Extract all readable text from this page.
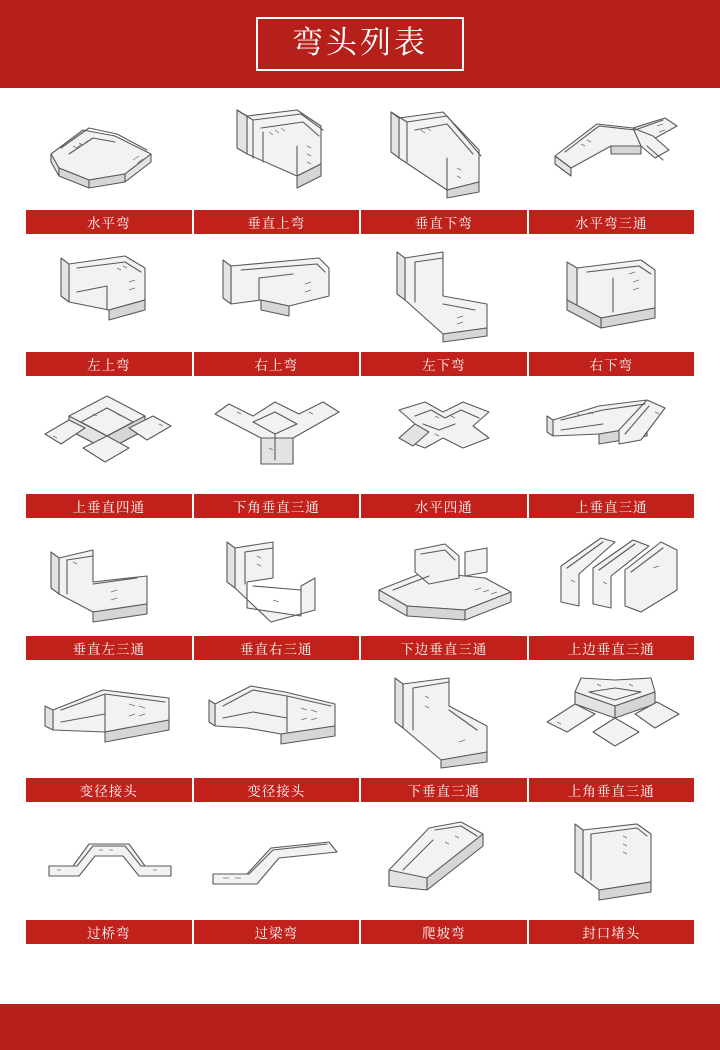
弯头列表
水平弯	垂直上弯	垂直下弯	水平弯三通
左上弯	右上弯	左下弯	右下弯
上垂直四通	下角垂直三通	水平四通	上垂直三通
垂直左三通	垂直右三通	下边垂直三通	上边垂直三通
变径接头	变径接头	下垂直三通	上角垂直三通
过桥弯	过梁弯	爬坡弯	封口堵头
